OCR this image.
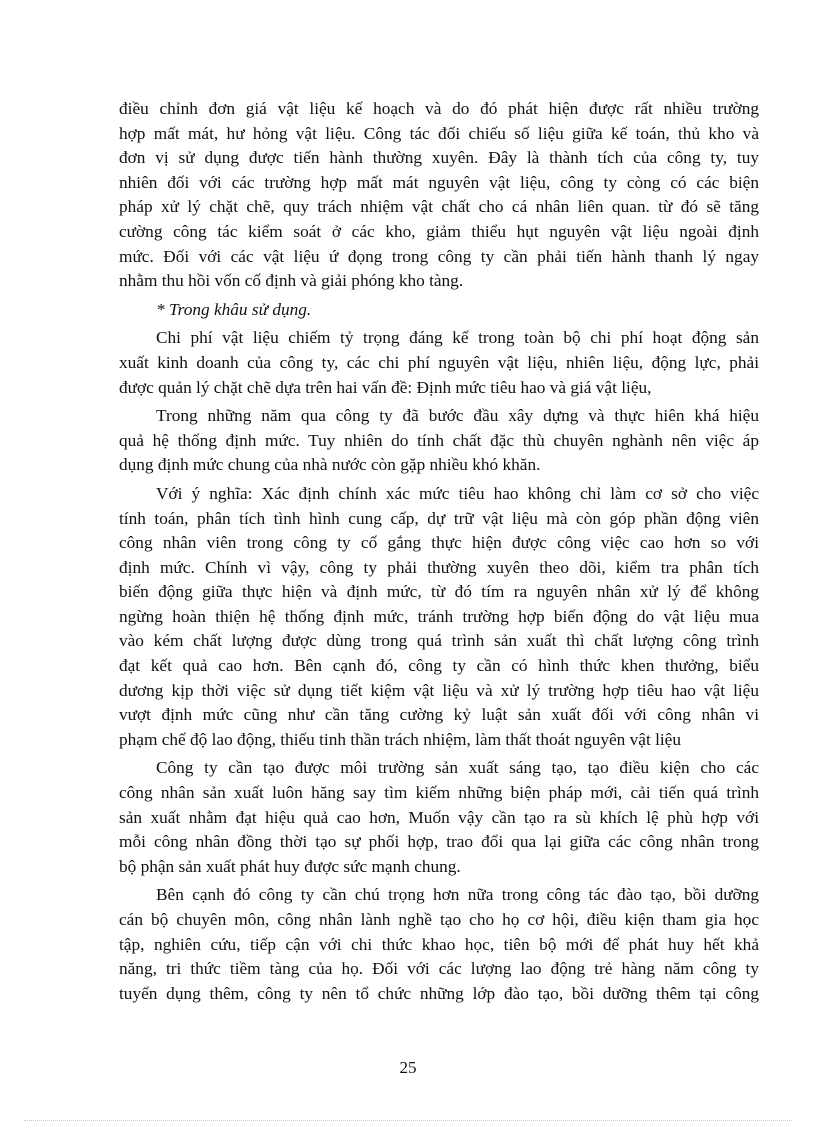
điều chỉnh đơn giá vật liệu kế hoạch và do đó phát hiện được rất nhiều trường
hợp mất mát, hư hỏng vật liệu. Công tác đối chiếu số liệu giữa kế toán, thủ kho và
đơn vị sử dụng được tiến hành thường xuyên. Đây là thành tích của công ty, tuy
nhiên đối với các trường hợp mất mát nguyên vật liệu, công ty còng có các biện
pháp xử lý chặt chẽ, quy trách nhiệm vật chất cho cá nhân liên quan. từ đó sẽ tăng
cường công tác kiểm soát ở các kho, giảm thiểu hụt nguyên vật liệu ngoài định
mức. Đối với các vật liệu ứ đọng trong công ty cần phải tiến hành thanh lý ngay
nhằm thu hồi vốn cố định và giải phóng kho tàng.

* Trong khâu sử dụng.

Chi phí vật liệu chiếm tỷ trọng đáng kể trong toàn bộ chi phí hoạt động sản
xuất kinh doanh của công ty, các chi phí nguyên vật liệu, nhiên liệu, động lực, phải
được quản lý chặt chẽ dựa trên hai vấn đề: Định mức tiêu hao và giá vật liệu,

Trong những năm qua công ty đã bước đầu xây dựng và thực hiên khá hiệu
quả hệ thống định mức. Tuy nhiên do tính chất đặc thù chuyên nghành nên việc áp
dụng định mức chung của nhà nước còn gặp nhiều khó khăn.

Với ý nghĩa: Xác định chính xác mức tiêu hao không chỉ làm cơ sở cho việc
tính toán, phân tích tình hình cung cấp, dự trữ vật liệu mà còn góp phần động viên
công nhân viên trong công ty cố gắng thực hiện được công việc cao hơn so với
định mức. Chính vì vậy, công ty phải thường xuyên theo dõi, kiểm tra phân tích
biến động giữa thực hiện và định mức, từ đó tím ra nguyên nhân xử lý để không
ngừng hoàn thiện hệ thống định mức, tránh trường hợp biến động do vật liệu mua
vào kém chất lượng được dùng trong quá trình sản xuất thì chất lượng công trình
đạt kết quả cao hơn. Bên cạnh đó, công ty cần có hình thức khen thưởng, biểu
dương kịp thời việc sử dụng tiết kiệm vật liệu và xử lý trường hợp tiêu hao vật liệu
vượt định mức cũng như cần tăng cường kỷ luật sản xuất đối với công nhân vi
phạm chế độ lao động, thiếu tinh thần trách nhiệm, làm thất thoát nguyên vật liệu

Công ty cần tạo được môi trường sản xuất sáng tạo, tạo điều kiện cho các
công nhân sản xuất luôn hăng say tìm kiếm những biện pháp mới, cải tiến quá trình
sản xuất nhằm đạt hiệu quả cao hơn, Muốn vậy cần tạo ra sù khích lệ phù hợp với
mỗi công nhân đồng thời tạo sự phối hợp, trao đổi qua lại giữa các công nhân trong
bộ phận sản xuất phát huy được sức mạnh chung.

Bên cạnh đó công ty cần chú trọng hơn nữa trong công tác đào tạo, bồi dưỡng
cán bộ chuyên môn, công nhân lành nghề tạo cho họ cơ hội, điều kiện tham gia học
tập, nghiên cứu, tiếp cận với chi thức khao học, tiên bộ mới để phát huy hết khả
năng, tri thức tiềm tàng của họ. Đối với các lượng lao động trẻ hàng năm công ty
tuyển dụng thêm, công ty nên tổ chức những lớp đào tạo, bồi dưỡng thêm tại công

25
